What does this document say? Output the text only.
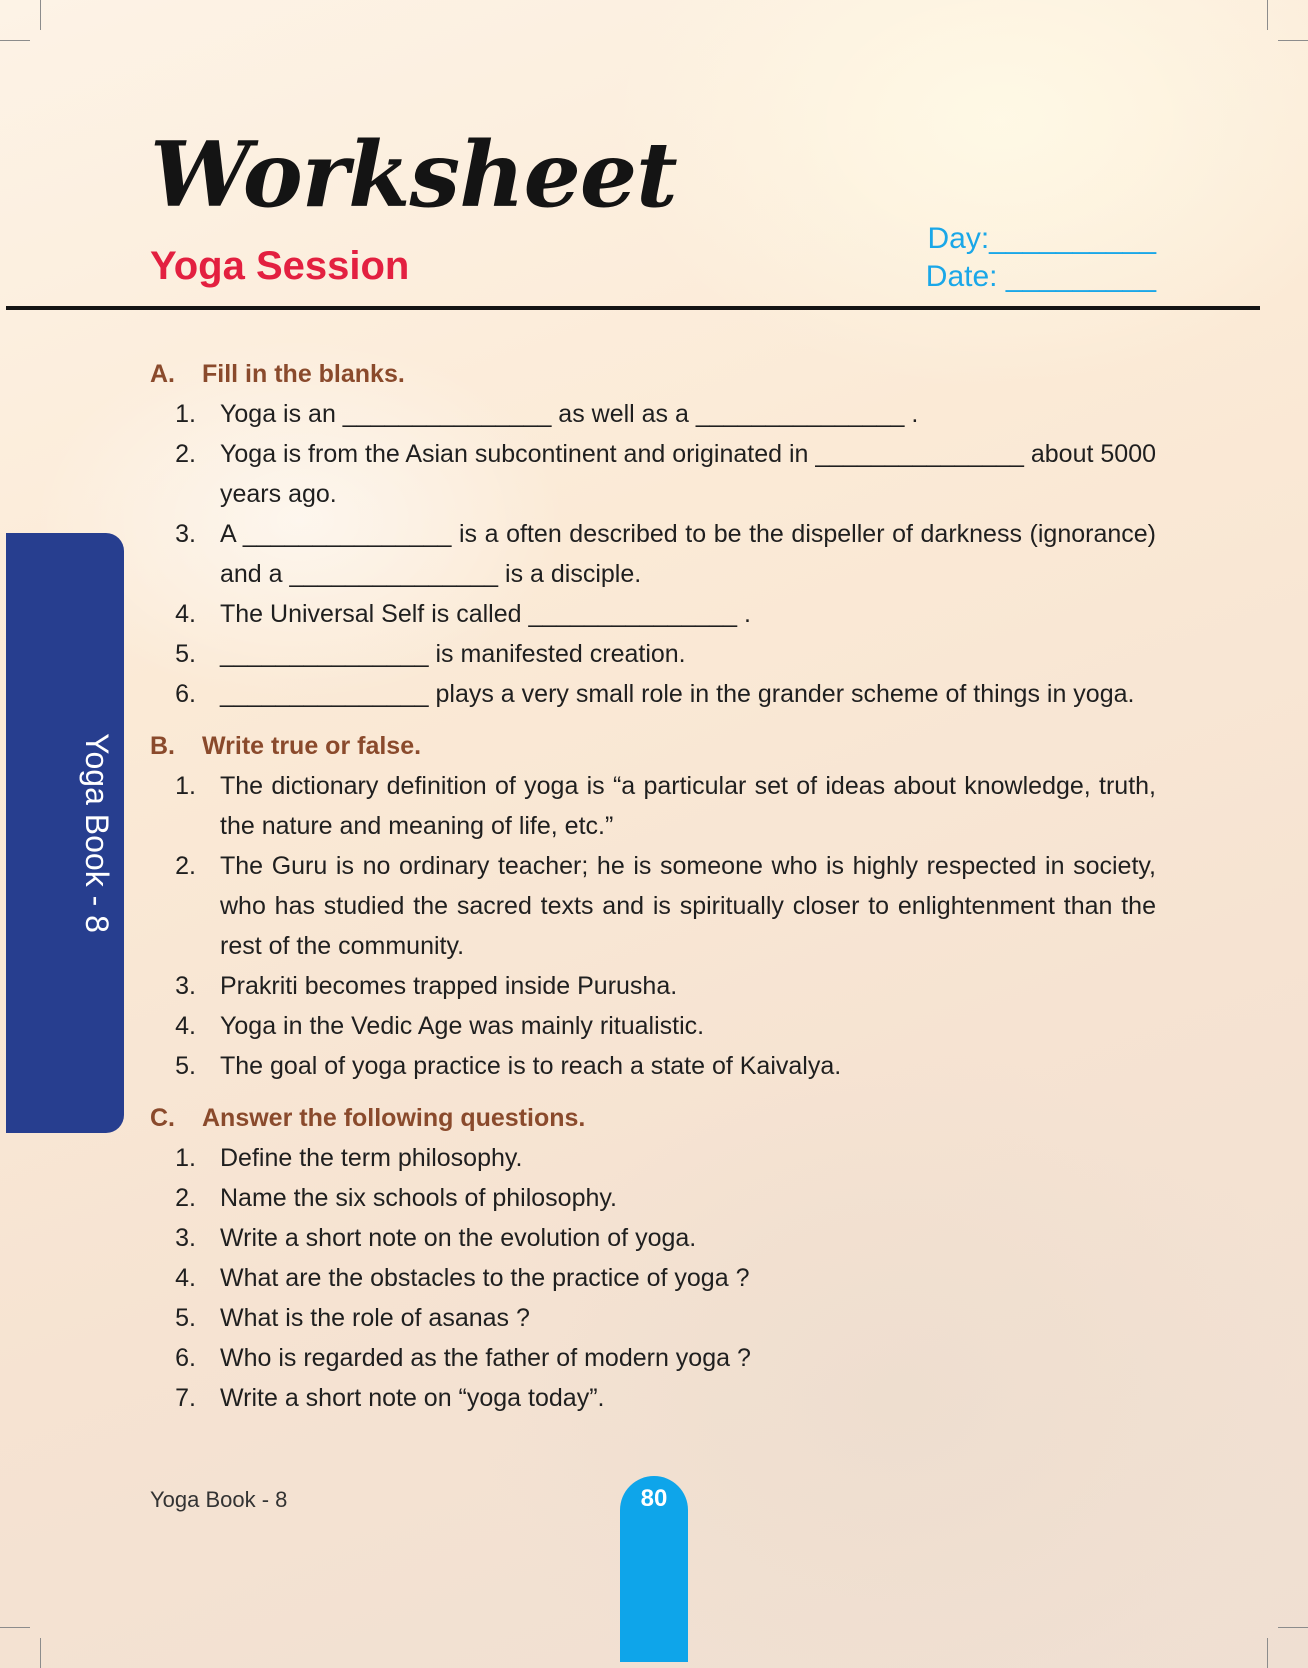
Worksheet
Yoga Session
Day:__________
Date: _________
Yoga Book - 8
A.	Fill in the blanks.
1. Yoga is an _______________ as well as a _______________ .
2. Yoga is from the Asian subcontinent and originated in _______________ about 5000 years ago.
3. A _______________ is a often described to be the dispeller of darkness (ignorance) and a _______________ is a disciple.
4. The Universal Self is called _______________ .
5. _______________ is manifested creation.
6. _______________ plays a very small role in the grander scheme of things in yoga.
B.	Write true or false.
1. The dictionary definition of yoga is “a particular set of ideas about knowledge, truth, the nature and meaning of life, etc.”
2. The Guru is no ordinary teacher; he is someone who is highly respected in society, who has studied the sacred texts and is spiritually closer to enlightenment than the rest of the community.
3. Prakriti becomes trapped inside Purusha.
4. Yoga in the Vedic Age was mainly ritualistic.
5. The goal of yoga practice is to reach a state of Kaivalya.
C.	Answer the following questions.
1. Define the term philosophy.
2. Name the six schools of philosophy.
3. Write a short note on the evolution of yoga.
4. What are the obstacles to the practice of yoga ?
5. What is the role of asanas ?
6. Who is regarded as the father of modern yoga ?
7. Write a short note on “yoga today”.
Yoga Book - 8	80
